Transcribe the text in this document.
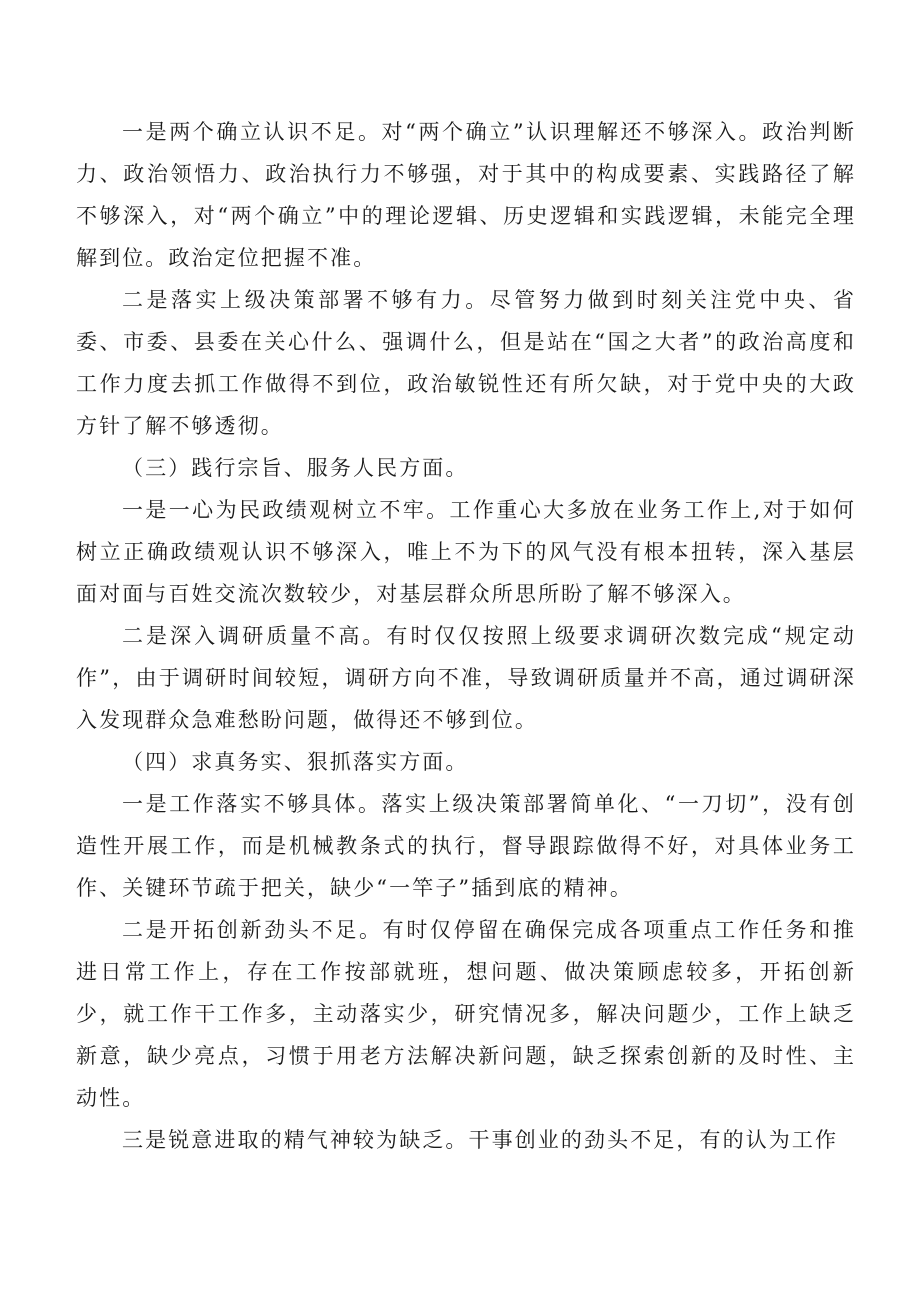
一是两个确立认识不足。对“两个确立”认识理解还不够深入。政治判断力、政治领悟力、政治执行力不够强，对于其中的构成要素、实践路径了解不够深入，对“两个确立”中的理论逻辑、历史逻辑和实践逻辑，未能完全理解到位。政治定位把握不准。

二是落实上级决策部署不够有力。尽管努力做到时刻关注党中央、省委、市委、县委在关心什么、强调什么，但是站在“国之大者”的政治高度和工作力度去抓工作做得不到位，政治敏锐性还有所欠缺，对于党中央的大政方针了解不够透彻。

（三）践行宗旨、服务人民方面。

一是一心为民政绩观树立不牢。工作重心大多放在业务工作上,对于如何树立正确政绩观认识不够深入，唯上不为下的风气没有根本扭转，深入基层面对面与百姓交流次数较少，对基层群众所思所盼了解不够深入。

二是深入调研质量不高。有时仅仅按照上级要求调研次数完成“规定动作”，由于调研时间较短，调研方向不准，导致调研质量并不高，通过调研深入发现群众急难愁盼问题，做得还不够到位。

（四）求真务实、狠抓落实方面。

一是工作落实不够具体。落实上级决策部署简单化、“一刀切”，没有创造性开展工作，而是机械教条式的执行，督导跟踪做得不好，对具体业务工作、关键环节疏于把关，缺少“一竿子”插到底的精神。

二是开拓创新劲头不足。有时仅停留在确保完成各项重点工作任务和推进日常工作上，存在工作按部就班，想问题、做决策顾虑较多，开拓创新少，就工作干工作多，主动落实少，研究情况多，解决问题少，工作上缺乏新意，缺少亮点，习惯于用老方法解决新问题，缺乏探索创新的及时性、主动性。

三是锐意进取的精气神较为缺乏。干事创业的劲头不足，有的认为工作
